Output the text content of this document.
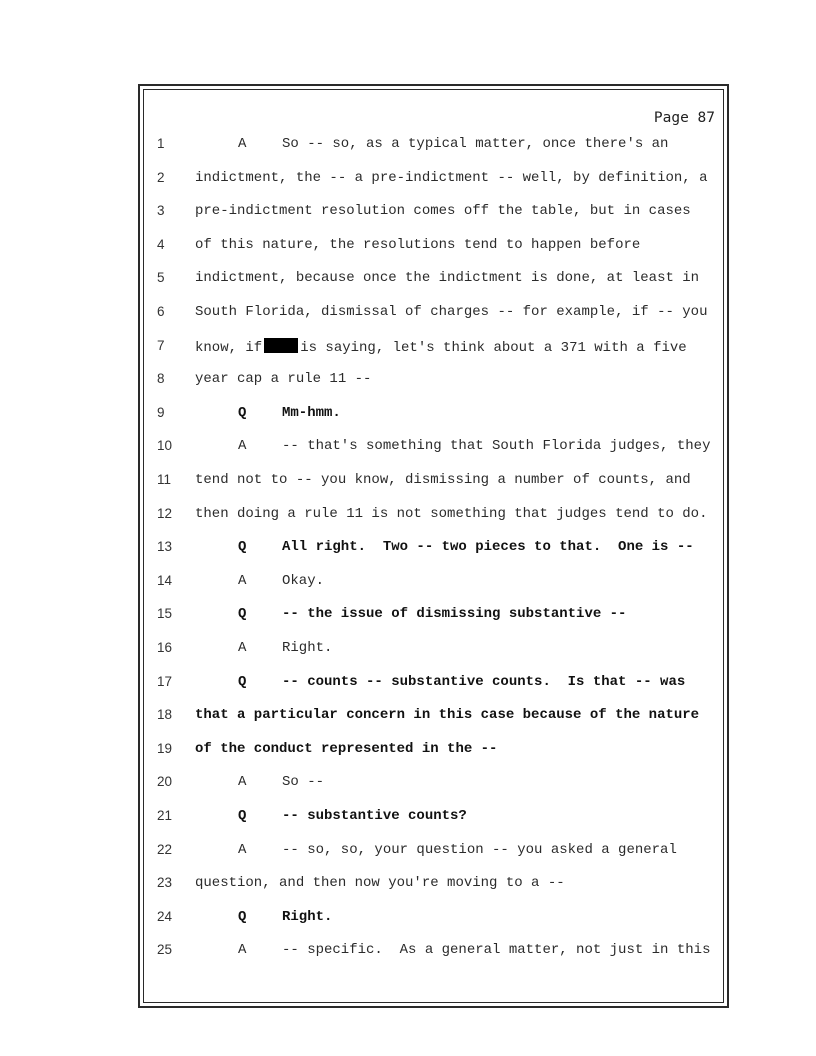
Page 87
1	A	So -- so, as a typical matter, once there's an
2 indictment, the -- a pre-indictment -- well, by definition, a
3 pre-indictment resolution comes off the table, but in cases
4 of this nature, the resolutions tend to happen before
5 indictment, because once the indictment is done, at least in
6 South Florida, dismissal of charges -- for example, if -- you
7 know, if	is saying, let's think about a 371 with a five
8 year cap a rule 11 --
9	Q	Mm-hmm.
10	A	-- that's something that South Florida judges, they
11 tend not to -- you know, dismissing a number of counts, and
12 then doing a rule 11 is not something that judges tend to do.
13	Q	All right.  Two -- two pieces to that.  One is --
14	A	Okay.
15	Q	-- the issue of dismissing substantive --
16	A	Right.
17	Q	-- counts -- substantive counts.  Is that -- was
18 that a particular concern in this case because of the nature
19 of the conduct represented in the --
20	A	So --
21	Q	-- substantive counts?
22	A	-- so, so, your question -- you asked a general
23 question, and then now you're moving to a --
24	Q	Right.
25	A	-- specific.  As a general matter, not just in this
